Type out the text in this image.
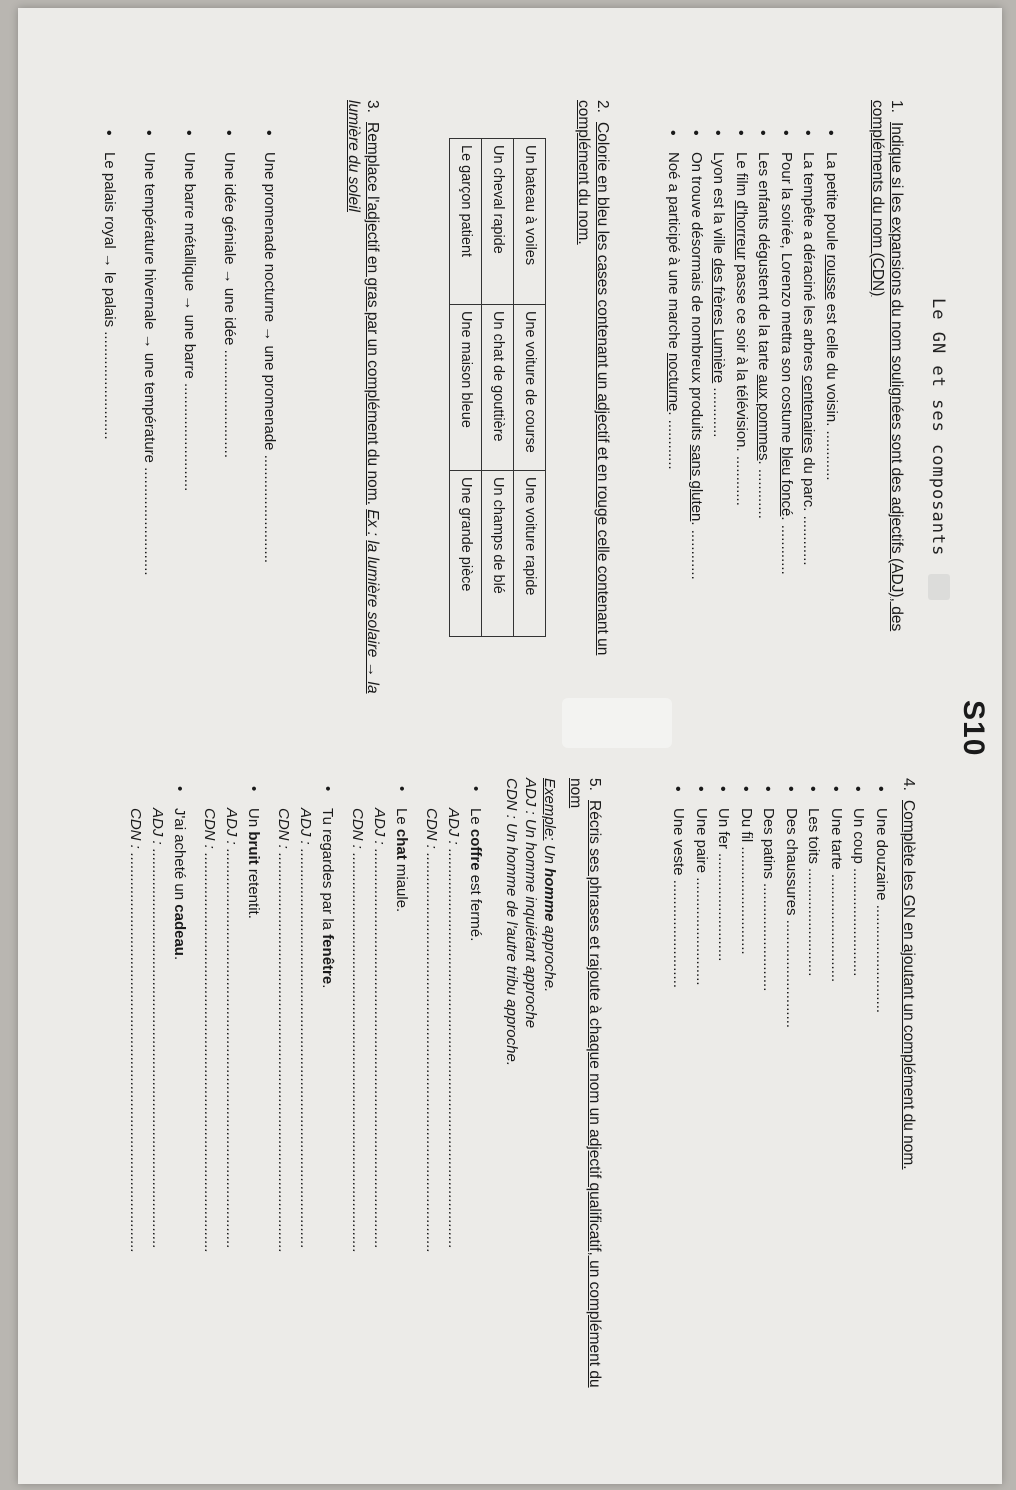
Le GN et ses composants
S10
1.Indique si les expansions du nom soulignées sont des adjectifs (ADJ), des compléments du nom (CDN)
• La petite poule rousse est celle du voisin. ............
• La tempête a déraciné les arbres centenaires du parc. ............
• Pour la soirée, Lorenzo mettra son costume bleu foncé. ............
• Les enfants dégustent de la tarte aux pommes. ............
• Le film d'horreur passe ce soir à la télévision. ............
• Lyon est la ville des frères Lumière ............
• On trouve désormais de nombreux produits sans gluten. ............
• Noé a participé à une marche nocturne. ............
2.Colorie en bleu les cases contenant un adjectif et en rouge celle contenant un complément du nom.
Un bateau à voiles	Une voiture de course	Une voiture rapide
Un cheval rapide	Un chat de gouttière	Un champs de blé
Le garçon patient	Une maison bleue	Une grande pièce
3.Remplace l'adjectif en gras par un complément du nom. Ex : la lumière solaire → la lumière du soleil
• Une promenade nocturne → une promenade ..........................
• Une idée géniale → une idée ..........................
• Une barre métallique → une barre ..........................
• Une température hivernale → une température ..........................
• Le palais royal → le palais ..........................
4.Complète les GN en ajoutant un complément du nom.
• Une douzaine ..........................
• Un coup ..........................
• Une tarte ..........................
• Les toits ..........................
• Des chaussures ..........................
• Des patins ..........................
• Du fil ..........................
• Un fer ..........................
• Une paire ..........................
• Une veste ..........................
5.Récris ses phrases et rajoute à chaque nom un adjectif qualificatif, un complément du nom
Exemple: Un homme approche.
ADJ : Un homme inquiétant approche
CDN : Un homme de l'autre tribu approche.
•
Le coffre est fermé.
ADJ : ................................................................................................
CDN : ................................................................................................
•
Le chat miaule.
ADJ : ................................................................................................
CDN : ................................................................................................
•
Tu regardes par la fenêtre.
ADJ : ................................................................................................
CDN : ................................................................................................
•
Un bruit retentit.
ADJ : ................................................................................................
CDN : ................................................................................................
•
J'ai acheté un cadeau.
ADJ : ................................................................................................
CDN : ................................................................................................
